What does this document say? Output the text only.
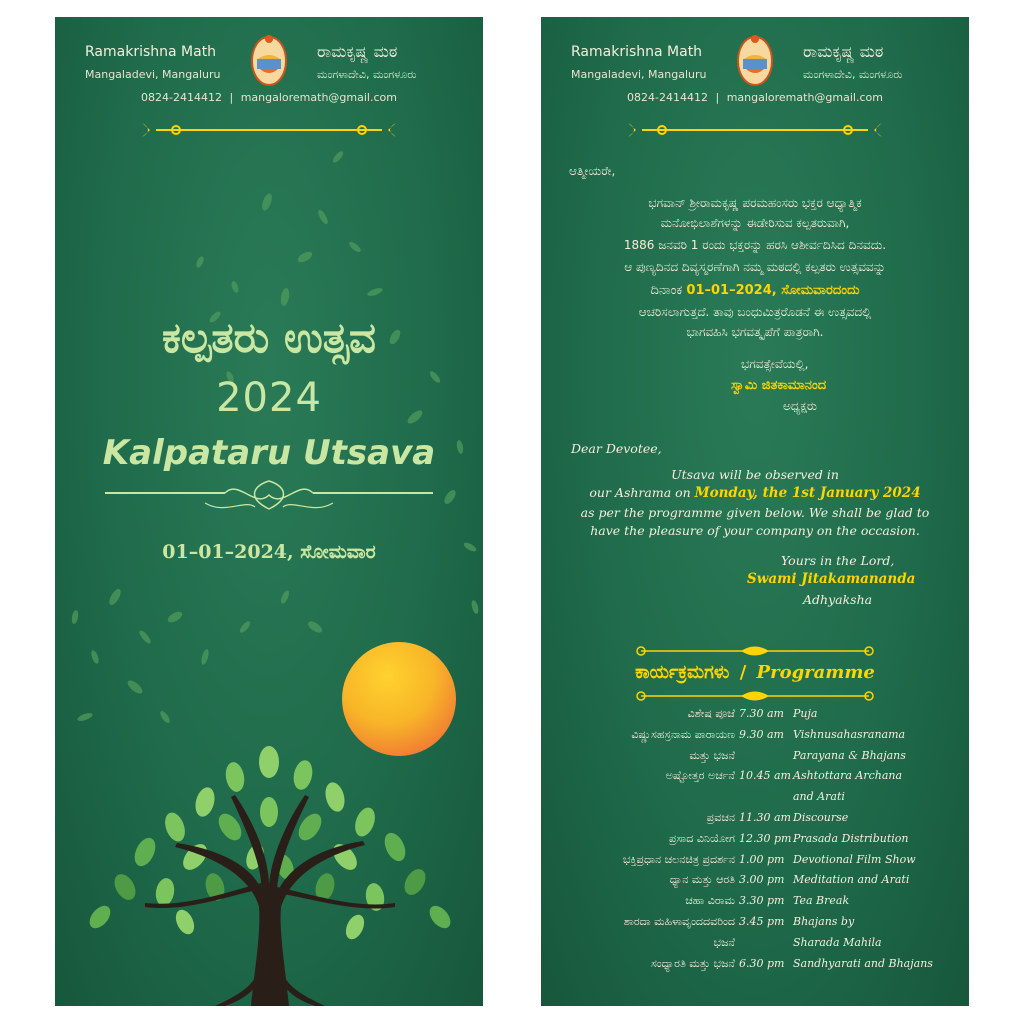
Ramakrishna Math
Mangaladevi, Mangaluru
ರಾಮಕೃಷ್ಣ ಮಠ
ಮಂಗಳಾದೇವಿ, ಮಂಗಳೂರು
0824-2414412 | mangaloremath@gmail.com
ಕಲ್ಪತರು ಉತ್ಸವ
2024
Kalpataru Utsava
01–01–2024, ಸೋಮವಾರ
Ramakrishna Math
Mangaladevi, Mangaluru
ರಾಮಕೃಷ್ಣ ಮಠ
ಮಂಗಳಾದೇವಿ, ಮಂಗಳೂರು
0824-2414412 | mangaloremath@gmail.com
ಆತ್ಮೀಯರೇ,
ಭಗವಾನ್ ಶ್ರೀರಾಮಕೃಷ್ಣ ಪರಮಹಂಸರು ಭಕ್ತರ ಆಧ್ಯಾತ್ಮಿಕ
ಮನೋಭಿಲಾಶೆಗಳನ್ನು ಈಡೇರಿಸುವ ಕಲ್ಪತರುವಾಗಿ,
1886 ಜನವರಿ 1 ರಂದು ಭಕ್ತರನ್ನು ಹರಸಿ ಆಶೀರ್ವದಿಸಿದ ದಿನವದು.
ಆ ಪುಣ್ಯದಿನದ ದಿವ್ಯಸ್ಮರಣೆಗಾಗಿ ನಮ್ಮ ಮಠದಲ್ಲಿ ಕಲ್ಪತರು ಉತ್ಸವವನ್ನು
ದಿನಾಂಕ 01–01–2024, ಸೋಮವಾರದಂದು
ಆಚರಿಸಲಾಗುತ್ತದೆ. ತಾವು ಬಂಧುಮಿತ್ರರೊಡನೆ ಈ ಉತ್ಸವದಲ್ಲಿ
ಭಾಗವಹಿಸಿ ಭಗವತ್ಕೃಪೆಗೆ ಪಾತ್ರರಾಗಿ.
ಭಗವತ್ಸೇವೆಯಲ್ಲಿ,
ಸ್ವಾಮಿ ಜಿತಕಾಮಾನಂದ
ಅಧ್ಯಕ್ಷರು
Dear Devotee,
Utsava will be observed in
our Ashrama on Monday, the 1st January 2024
as per the programme given below. We shall be glad to
have the pleasure of your company on the occasion.
Yours in the Lord,
Swami Jitakamananda
Adhyaksha
ಕಾರ್ಯಕ್ರಮಗಳು / Programme
ವಿಶೇಷ ಪೂಜೆ 7.30 am Puja
ವಿಷ್ಣುಸಹಸ್ರನಾಮ ಪಾರಾಯಣ 9.30 am Vishnusahasranama
ಮತ್ತು ಭಜನೆ	Parayana & Bhajans
ಅಷ್ಟೋತ್ತರ ಅರ್ಚನೆ 10.45 am Ashtottara Archana
and Arati
ಪ್ರವಚನ 11.30 am Discourse
ಪ್ರಸಾದ ವಿನಿಯೋಗ 12.30 pm Prasada Distribution
ಭಕ್ತಿಪ್ರಧಾನ ಚಲನಚಿತ್ರ ಪ್ರದರ್ಶನ 1.00 pm Devotional Film Show
ಧ್ಯಾನ ಮತ್ತು ಆರತಿ 3.00 pm Meditation and Arati
ಚಹಾ ವಿರಾಮ 3.30 pm Tea Break
ಶಾರದಾ ಮಹಿಳಾವೃಂದದವರಿಂದ 3.45 pm Bhajans by
ಭಜನೆ	Sharada Mahila
ಸಂಧ್ಯಾರತಿ ಮತ್ತು ಭಜನೆ 6.30 pm Sandhyarati and Bhajans
